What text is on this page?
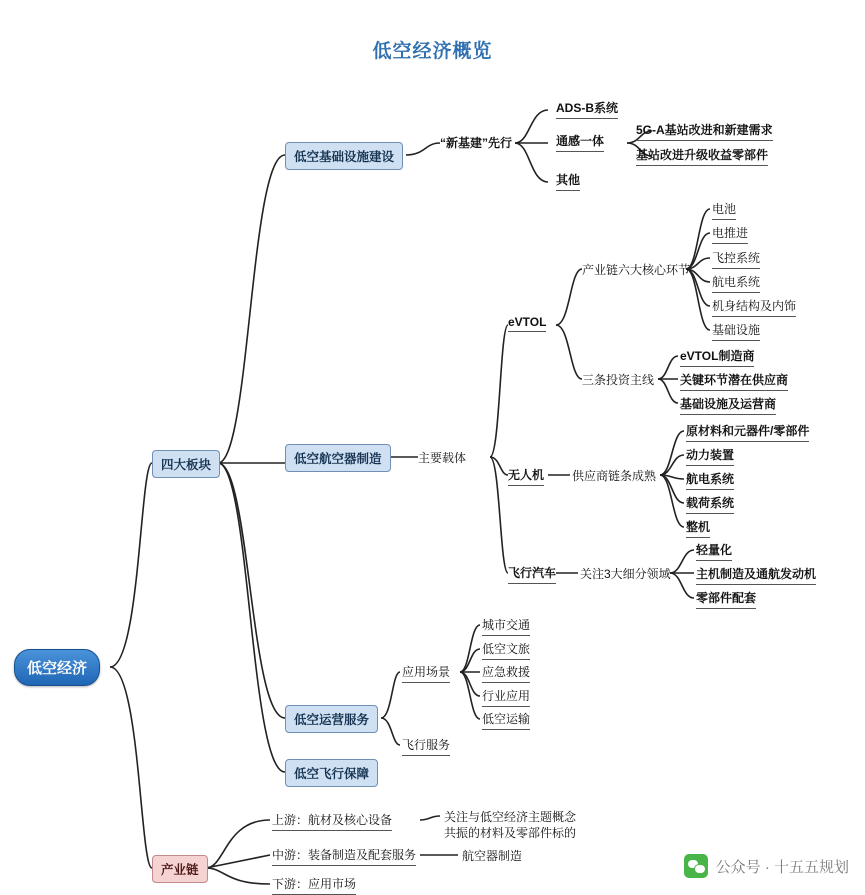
低空经济概览
低空经济
四大板块
产业链
低空基础设施建设
低空航空器制造
低空运营服务
低空飞行保障
“新基建”先行
ADS-B系统
通感一体
其他
5G-A基站改进和新建需求
基站改进升级收益零部件
主要载体
eVTOL
产业链六大核心环节
三条投资主线
电池
电推进
飞控系统
航电系统
机身结构及内饰
基础设施
eVTOL制造商
关键环节潜在供应商
基础设施及运营商
无人机 供应商链条成熟
原材料和元器件/零部件
动力装置
航电系统
载荷系统
整机
飞行汽车 关注3大细分领域
轻量化
主机制造及通航发动机
零部件配套
应用场景
飞行服务
城市交通
低空文旅
应急救援
行业应用
低空运输
上游：航材及核心设备
中游：装备制造及配套服务
下游：应用市场
关注与低空经济主题概念
共振的材料及零部件标的
航空器制造
公众号 · 十五五规划
